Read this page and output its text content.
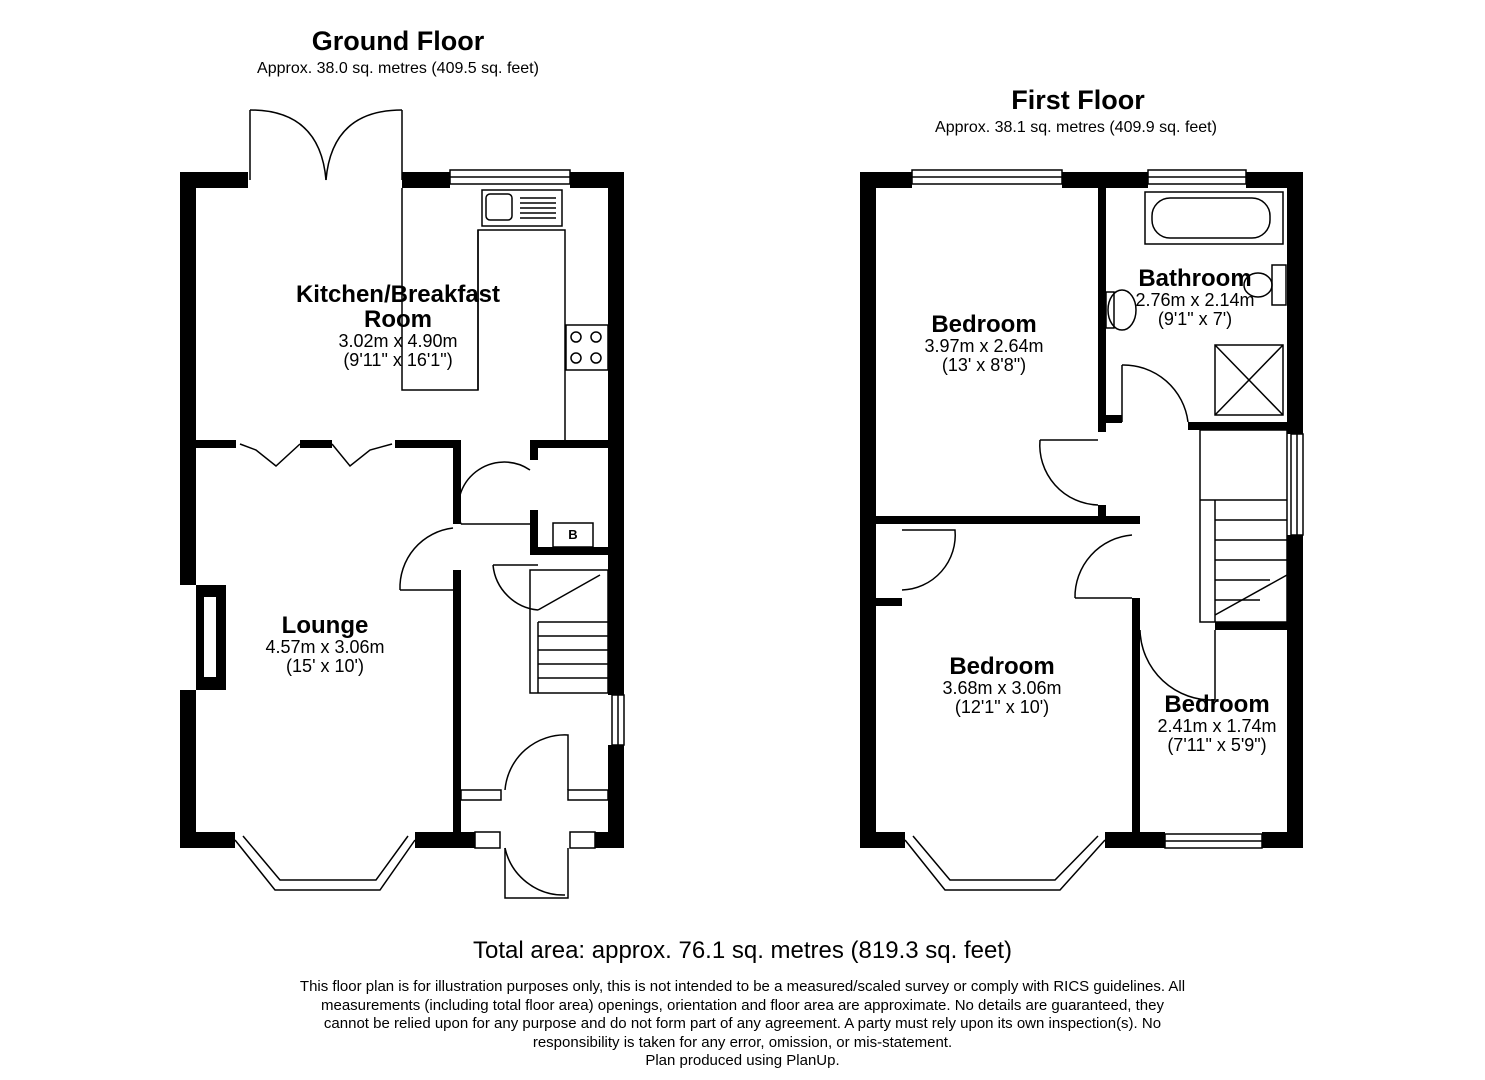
Ground Floor
Approx. 38.0 sq. metres (409.5 sq. feet)
First Floor
Approx. 38.1 sq. metres (409.9 sq. feet)
Kitchen/Breakfast
Room
3.02m x 4.90m
(9'11" x 16'1")
Lounge
4.57m x 3.06m
(15' x 10')
B
Bathroom
2.76m x 2.14m
(9'1" x 7')
Bedroom
3.97m x 2.64m
(13' x 8'8")
Bedroom
3.68m x 3.06m
(12'1" x 10')	Bedroom
2.41m x 1.74m
(7'11" x 5'9")
Total area: approx. 76.1 sq. metres (819.3 sq. feet)
This floor plan is for illustration purposes only, this is not intended to be a measured/scaled survey or comply with RICS guidelines. All
measurements (including total floor area) openings, orientation and floor area are approximate. No details are guaranteed, they
cannot be relied upon for any purpose and do not form part of any agreement. A party must rely upon its own inspection(s). No
responsibility is taken for any error, omission, or mis-statement.
Plan produced using PlanUp.
